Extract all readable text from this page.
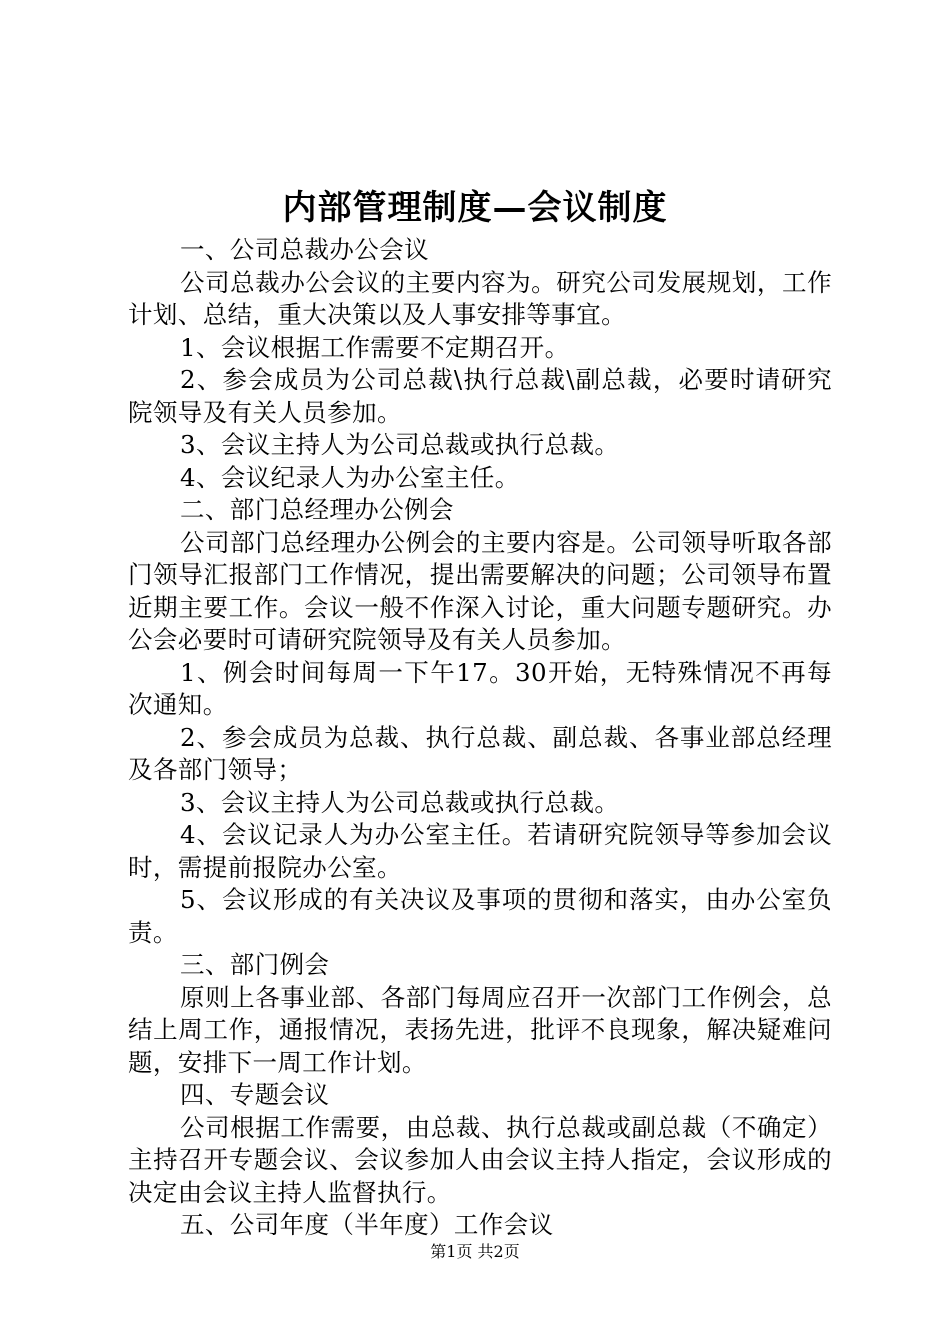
内部管理制度—会议制度

一、公司总裁办公会议

公司总裁办公会议的主要内容为。研究公司发展规划，工作计划、总结，重大决策以及人事安排等事宜。

1、会议根据工作需要不定期召开。

2、参会成员为公司总裁\执行总裁\副总裁，必要时请研究院领导及有关人员参加。

3、会议主持人为公司总裁或执行总裁。

4、会议纪录人为办公室主任。

二、部门总经理办公例会

公司部门总经理办公例会的主要内容是。公司领导听取各部门领导汇报部门工作情况，提出需要解决的问题；公司领导布置近期主要工作。会议一般不作深入讨论，重大问题专题研究。办公会必要时可请研究院领导及有关人员参加。

1、例会时间每周一下午17。30开始，无特殊情况不再每次通知。

2、参会成员为总裁、执行总裁、副总裁、各事业部总经理及各部门领导；

3、会议主持人为公司总裁或执行总裁。

4、会议记录人为办公室主任。若请研究院领导等参加会议时，需提前报院办公室。

5、会议形成的有关决议及事项的贯彻和落实，由办公室负责。

三、部门例会

原则上各事业部、各部门每周应召开一次部门工作例会，总结上周工作，通报情况，表扬先进，批评不良现象，解决疑难问题，安排下一周工作计划。

四、专题会议

公司根据工作需要，由总裁、执行总裁或副总裁（不确定）主持召开专题会议、会议参加人由会议主持人指定，会议形成的决定由会议主持人监督执行。

五、公司年度（半年度）工作会议

第1页 共2页
